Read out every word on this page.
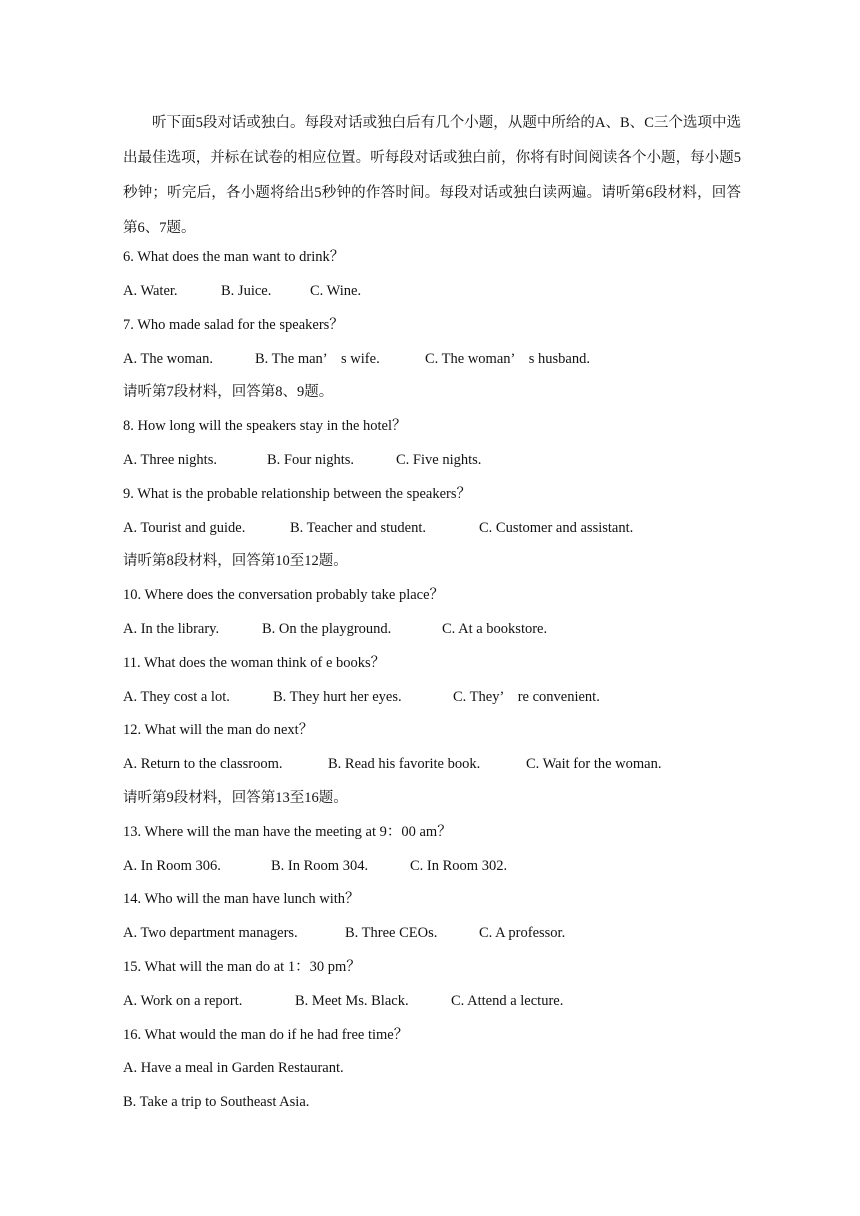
听下面5段对话或独白。每段对话或独白后有几个小题，从题中所给的A、B、C三个选项中选出最佳选项，并标在试卷的相应位置。听每段对话或独白前，你将有时间阅读各个小题，每小题5秒钟；听完后，各小题将给出5秒钟的作答时间。每段对话或独白读两遍。请听第6段材料，回答第6、7题。

6. What does the man want to drink？

A. Water.	B. Juice.	C. Wine.

7. Who made salad for the speakers？

A. The woman.	B. The man’　s wife.	C. The woman’　s husband.

请听第7段材料，回答第8、9题。

8. How long will the speakers stay in the hotel？

A. Three nights.	B. Four nights.	C. Five nights.

9. What is the probable relationship between the speakers？

A. Tourist and guide.	B. Teacher and student.	C. Customer and assistant.

请听第8段材料，回答第10至12题。

10. Where does the conversation probably take place？

A. In the library.	B. On the playground.	C. At a bookstore.

11. What does the woman think of e books？

A. They cost a lot.	B. They hurt her eyes.	C. They’　re convenient.

12. What will the man do next？

A. Return to the classroom.	B. Read his favorite book.	C. Wait for the woman.

请听第9段材料，回答第13至16题。

13. Where will the man have the meeting at 9：00 am？

A. In Room 306.	B. In Room 304.	C. In Room 302.

14. Who will the man have lunch with？

A. Two department managers.	B. Three CEOs.	C. A professor.

15. What will the man do at 1：30 pm？

A. Work on a report.	B. Meet Ms. Black.	C. Attend a lecture.

16. What would the man do if he had free time？

A. Have a meal in Garden Restaurant.

B. Take a trip to Southeast Asia.
